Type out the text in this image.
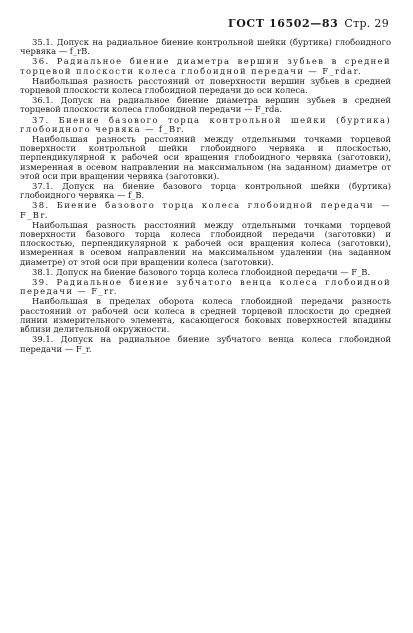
ГОСТ 16502—83 Стр. 29

35.1. Допуск на радиальное биение контрольной шейки (буртика) глобоидного червяка — f_rB.

36. Радиальное биение диаметра вершин зубьев в средней торцевой плоскости колеса глобоидной передачи — F_rdar.

Наибольшая разность расстояний от поверхности вершин зубьев в средней торцевой плоскости колеса глобоидной передачи до оси колеса.

36.1. Допуск на радиальное биение диаметра вершин зубьев в средней торцевой плоскости колеса глобоидной передачи — F_rda.

37. Биение базового торца контрольной шейки (буртика) глобоидного червяка — f_Br.

Наибольшая разность расстояний между отдельными точками торцевой поверхности контрольной шейки глобоидного червяка и плоскостью, перпендикулярной к рабочей оси вращения глобоидного червяка (заготовки), измеренная в осевом направлении на максимальном (на заданном) диаметре от этой оси при вращении червяка (заготовки).

37.1. Допуск на биение базового торца контрольной шейки (буртика) глобоидного червяка — f_B.

38. Биение базового торца колеса глобоидной передачи — F_Br.

Наибольшая разность расстояний между отдельными точками торцевой поверхности базового торца колеса глобоидной передачи (заготовки) и плоскостью, перпендикулярной к рабочей оси вращения колеса (заготовки), измеренная в осевом направлении на максимальном удалении (на заданном диаметре) от этой оси при вращении колеса (заготовки).

38.1. Допуск на биение базового торца колеса глобоидной передачи — F_B.

39. Радиальное биение зубчатого венца колеса глобоидной передачи — F_rr.

Наибольшая в пределах оборота колеса глобоидной передачи разность расстояний от рабочей оси колеса в средней торцевой плоскости до средней линии измерительного элемента, касающегося боковых поверхностей впадины вблизи делительной окружности.

39.1. Допуск на радиальное биение зубчатого венца колеса глобоидной передачи — F_r.
